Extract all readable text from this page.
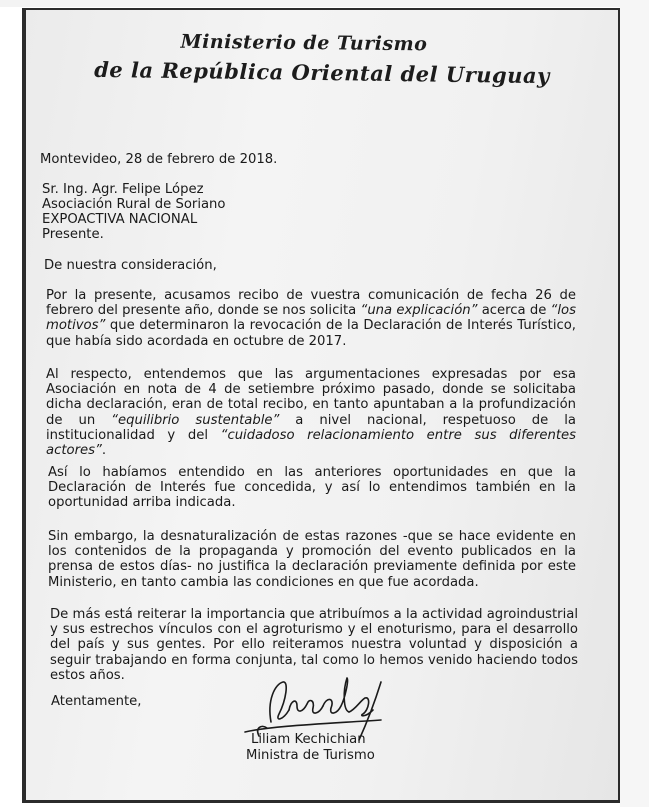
Ministerio de Turismo
de la República Oriental del Uruguay
Montevideo, 28 de febrero de 2018.
Sr. Ing. Agr. Felipe López
Asociación Rural de Soriano
EXPOACTIVA NACIONAL
Presente.
De nuestra consideración,
Por la presente, acusamos recibo de vuestra comunicación de fecha 26 de febrero del presente año, donde se nos solicita “una explicación” acerca de “los motivos” que determinaron la revocación de la Declaración de Interés Turístico, que había sido acordada en octubre de 2017.
Al respecto, entendemos que las argumentaciones expresadas por esa Asociación en nota de 4 de setiembre próximo pasado, donde se solicitaba dicha declaración, eran de total recibo, en tanto apuntaban a la profundización de un “equilibrio sustentable” a nivel nacional, respetuoso de la institucionalidad y del “cuidadoso relacionamiento entre sus diferentes actores”.
Así lo habíamos entendido en las anteriores oportunidades en que la Declaración de Interés fue concedida, y así lo entendimos también en la oportunidad arriba indicada.
Sin embargo, la desnaturalización de estas razones -que se hace evidente en los contenidos de la propaganda y promoción del evento publicados en la prensa de estos días- no justifica la declaración previamente definida por este Ministerio, en tanto cambia las condiciones en que fue acordada.
De más está reiterar la importancia que atribuímos a la actividad agroindustrial y sus estrechos vínculos con el agroturismo y el enoturismo, para el desarrollo del país y sus gentes. Por ello reiteramos nuestra voluntad y disposición a seguir trabajando en forma conjunta, tal como lo hemos venido haciendo todos estos años.
Atentamente,
Liliam Kechichian
Ministra de Turismo
